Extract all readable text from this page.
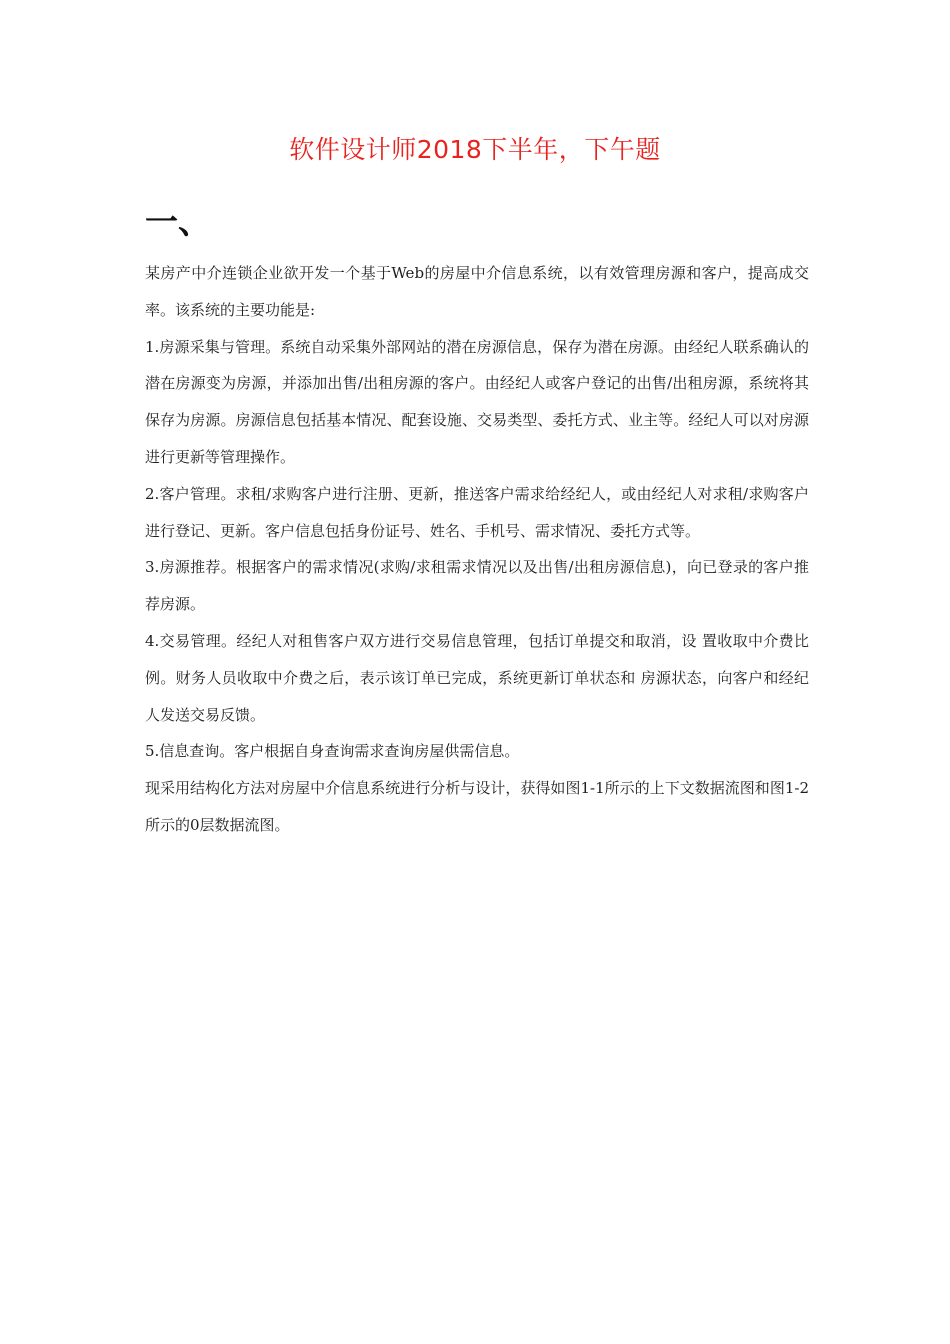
软件设计师2018下半年，下午题
一、

某房产中介连锁企业欲开发一个基于Web的房屋中介信息系统，以有效管理房源和客户，提高成交率。该系统的主要功能是:

1.房源采集与管理。系统自动采集外部网站的潜在房源信息，保存为潜在房源。由经纪人联系确认的潜在房源变为房源，并添加出售/出租房源的客户。由经纪人或客户登记的出售/出租房源，系统将其保存为房源。房源信息包括基本情况、配套设施、交易类型、委托方式、业主等。经纪人可以对房源进行更新等管理操作。

2.客户管理。求租/求购客户进行注册、更新，推送客户需求给经纪人，或由经纪人对求租/求购客户进行登记、更新。客户信息包括身份证号、姓名、手机号、需求情况、委托方式等。

3.房源推荐。根据客户的需求情况(求购/求租需求情况以及出售/出租房源信息)，向已登录的客户推荐房源。

4.交易管理。经纪人对租售客户双方进行交易信息管理，包括订单提交和取消，设 置收取中介费比例。财务人员收取中介费之后，表示该订单已完成，系统更新订单状态和 房源状态，向客户和经纪人发送交易反馈。

5.信息查询。客户根据自身查询需求查询房屋供需信息。

现采用结构化方法对房屋中介信息系统进行分析与设计，获得如图1-1所示的上下文数据流图和图1-2所示的0层数据流图。
